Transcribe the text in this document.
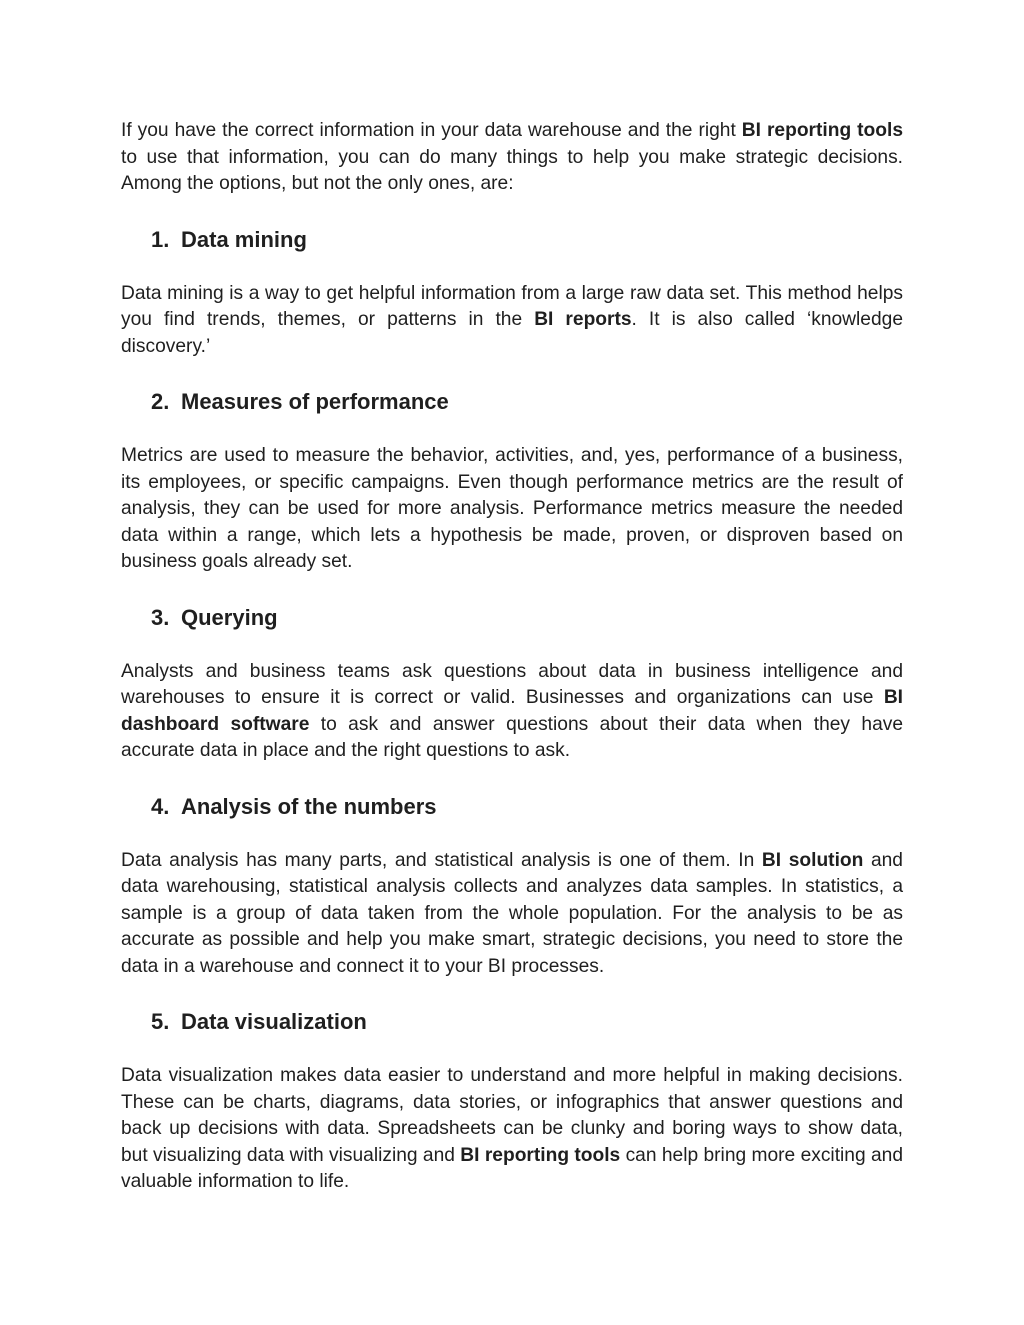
If you have the correct information in your data warehouse and the right BI reporting tools to use that information, you can do many things to help you make strategic decisions. Among the options, but not the only ones, are:

1. Data mining

Data mining is a way to get helpful information from a large raw data set. This method helps you find trends, themes, or patterns in the BI reports. It is also called ‘knowledge discovery.’

2. Measures of performance

Metrics are used to measure the behavior, activities, and, yes, performance of a business, its employees, or specific campaigns. Even though performance metrics are the result of analysis, they can be used for more analysis. Performance metrics measure the needed data within a range, which lets a hypothesis be made, proven, or disproven based on business goals already set.

3. Querying

Analysts and business teams ask questions about data in business intelligence and warehouses to ensure it is correct or valid. Businesses and organizations can use BI dashboard software to ask and answer questions about their data when they have accurate data in place and the right questions to ask.

4. Analysis of the numbers

Data analysis has many parts, and statistical analysis is one of them. In BI solution and data warehousing, statistical analysis collects and analyzes data samples. In statistics, a sample is a group of data taken from the whole population. For the analysis to be as accurate as possible and help you make smart, strategic decisions, you need to store the data in a warehouse and connect it to your BI processes.

5. Data visualization

Data visualization makes data easier to understand and more helpful in making decisions. These can be charts, diagrams, data stories, or infographics that answer questions and back up decisions with data. Spreadsheets can be clunky and boring ways to show data, but visualizing data with visualizing and BI reporting tools can help bring more exciting and valuable information to life.
